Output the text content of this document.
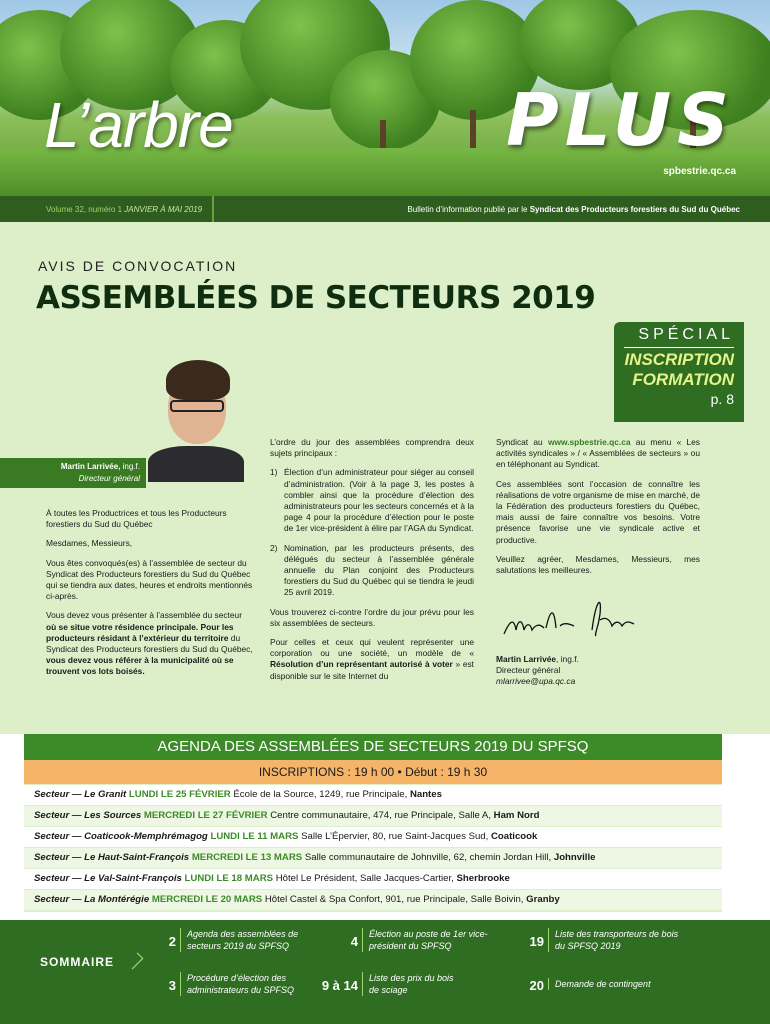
L’arbre	PLUS
spbestrie.qc.ca
Volume 32, numéro 1 JANVIER À MAI 2019	Bulletin d’information publié par le Syndicat des Producteurs forestiers du Sud du Québec
AVIS DE CONVOCATION
ASSEMBLÉES DE SECTEURS 2019
SPÉCIAL
INSCRIPTION
FORMATION
p. 8
Martin Larrivée, ing.f.
Directeur général

À toutes les Productrices et tous les Producteurs forestiers du Sud du Québec

Mesdames, Messieurs,

Vous êtes convoqués(es) à l’assemblée de secteur du Syndicat des Producteurs forestiers du Sud du Québec qui se tiendra aux dates, heures et endroits mentionnés ci-après.

Vous devez vous présenter à l’assemblée du secteur où se situe votre résidence principale. Pour les producteurs résidant à l’extérieur du territoire du Syndicat des Producteurs forestiers du Sud du Québec, vous devez vous référer à la municipalité où se trouvent vos lots boisés.

L’ordre du jour des assemblées comprendra deux sujets principaux :

1) Élection d’un administrateur pour siéger au conseil d’administration. (Voir à la page 3, les postes à combler ainsi que la procédure d’élection des administrateurs pour les secteurs concernés et à la page 4 pour la procédure d’élection pour le poste de 1er vice-président à élire par l’AGA du Syndicat.
2) Nomination, par les producteurs présents, des délégués du secteur à l’assemblée générale annuelle du Plan conjoint des Producteurs forestiers du Sud du Québec qui se tiendra le jeudi 25 avril 2019.

Vous trouverez ci-contre l’ordre du jour prévu pour les six assemblées de secteurs.

Pour celles et ceux qui veulent représenter une corporation ou une société, un modèle de « Résolution d’un représentant autorisé à voter » est disponible sur le site Internet du

Syndicat au www.spbestrie.qc.ca au menu « Les activités syndicales » / « Assemblées de secteurs » ou en téléphonant au Syndicat.

Ces assemblées sont l’occasion de connaître les réalisations de votre organisme de mise en marché, de la Fédération des producteurs forestiers du Québec, mais aussi de faire connaître vos besoins. Votre présence favorise une vie syndicale active et productive.

Veuillez agréer, Mesdames, Messieurs, mes salutations les meilleures.

Martin Larrivée, ing.f.
Directeur général
mlarrivee@upa.qc.ca
AGENDA DES ASSEMBLÉES DE SECTEURS 2019 DU SPFSQ
INSCRIPTIONS : 19 h 00 • Début : 19 h 30
Secteur — Le Granit LUNDI LE 25 FÉVRIER École de la Source, 1249, rue Principale, Nantes
Secteur — Les Sources MERCREDI LE 27 FÉVRIER Centre communautaire, 474, rue Principale, Salle A, Ham Nord
Secteur — Coaticook-Memphrémagog LUNDI LE 11 MARS Salle L’Épervier, 80, rue Saint-Jacques Sud, Coaticook
Secteur — Le Haut-Saint-François MERCREDI LE 13 MARS Salle communautaire de Johnville, 62, chemin Jordan Hill, Johnville
Secteur — Le Val-Saint-François LUNDI LE 18 MARS Hôtel Le Président, Salle Jacques-Cartier, Sherbrooke
Secteur — La Montérégie MERCREDI LE 20 MARS Hôtel Castel & Spa Confort, 901, rue Principale, Salle Boivin, Granby
SOMMAIRE
2	Agenda des assemblées de secteurs 2019 du SPFSQ
3	Procédure d’élection des administrateurs du SPFSQ
4	Élection au poste de 1er vice-président du SPFSQ
9 à 14	Liste des prix du bois de sciage
19	Liste des transporteurs de bois du SPFSQ 2019
20	Demande de contingent
